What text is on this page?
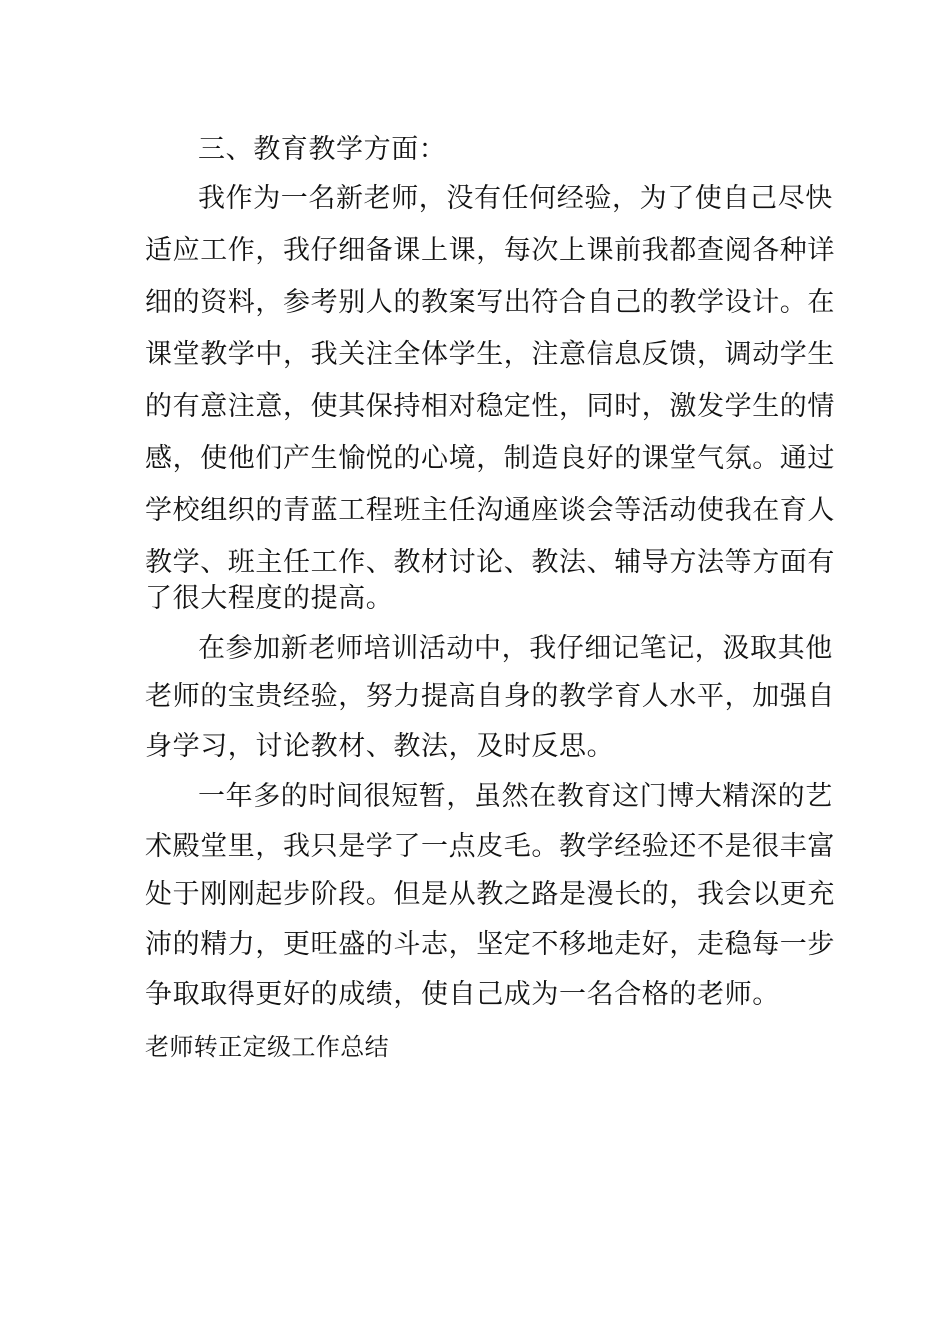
三、教育教学方面：
我作为一名新老师，没有任何经验，为了使自己尽快
适应工作，我仔细备课上课，每次上课前我都查阅各种详
细的资料，参考别人的教案写出符合自己的教学设计。在
课堂教学中，我关注全体学生，注意信息反馈，调动学生
的有意注意，使其保持相对稳定性，同时，激发学生的情
感，使他们产生愉悦的心境，制造良好的课堂气氛。通过
学校组织的青蓝工程班主任沟通座谈会等活动使我在育人
教学、班主任工作、教材讨论、教法、辅导方法等方面有
了很大程度的提高。
在参加新老师培训活动中，我仔细记笔记，汲取其他
老师的宝贵经验，努力提高自身的教学育人水平，加强自
身学习，讨论教材、教法，及时反思。
一年多的时间很短暂，虽然在教育这门博大精深的艺
术殿堂里，我只是学了一点皮毛。教学经验还不是很丰富
处于刚刚起步阶段。但是从教之路是漫长的，我会以更充
沛的精力，更旺盛的斗志，坚定不移地走好，走稳每一步
争取取得更好的成绩，使自己成为一名合格的老师。
老师转正定级工作总结
